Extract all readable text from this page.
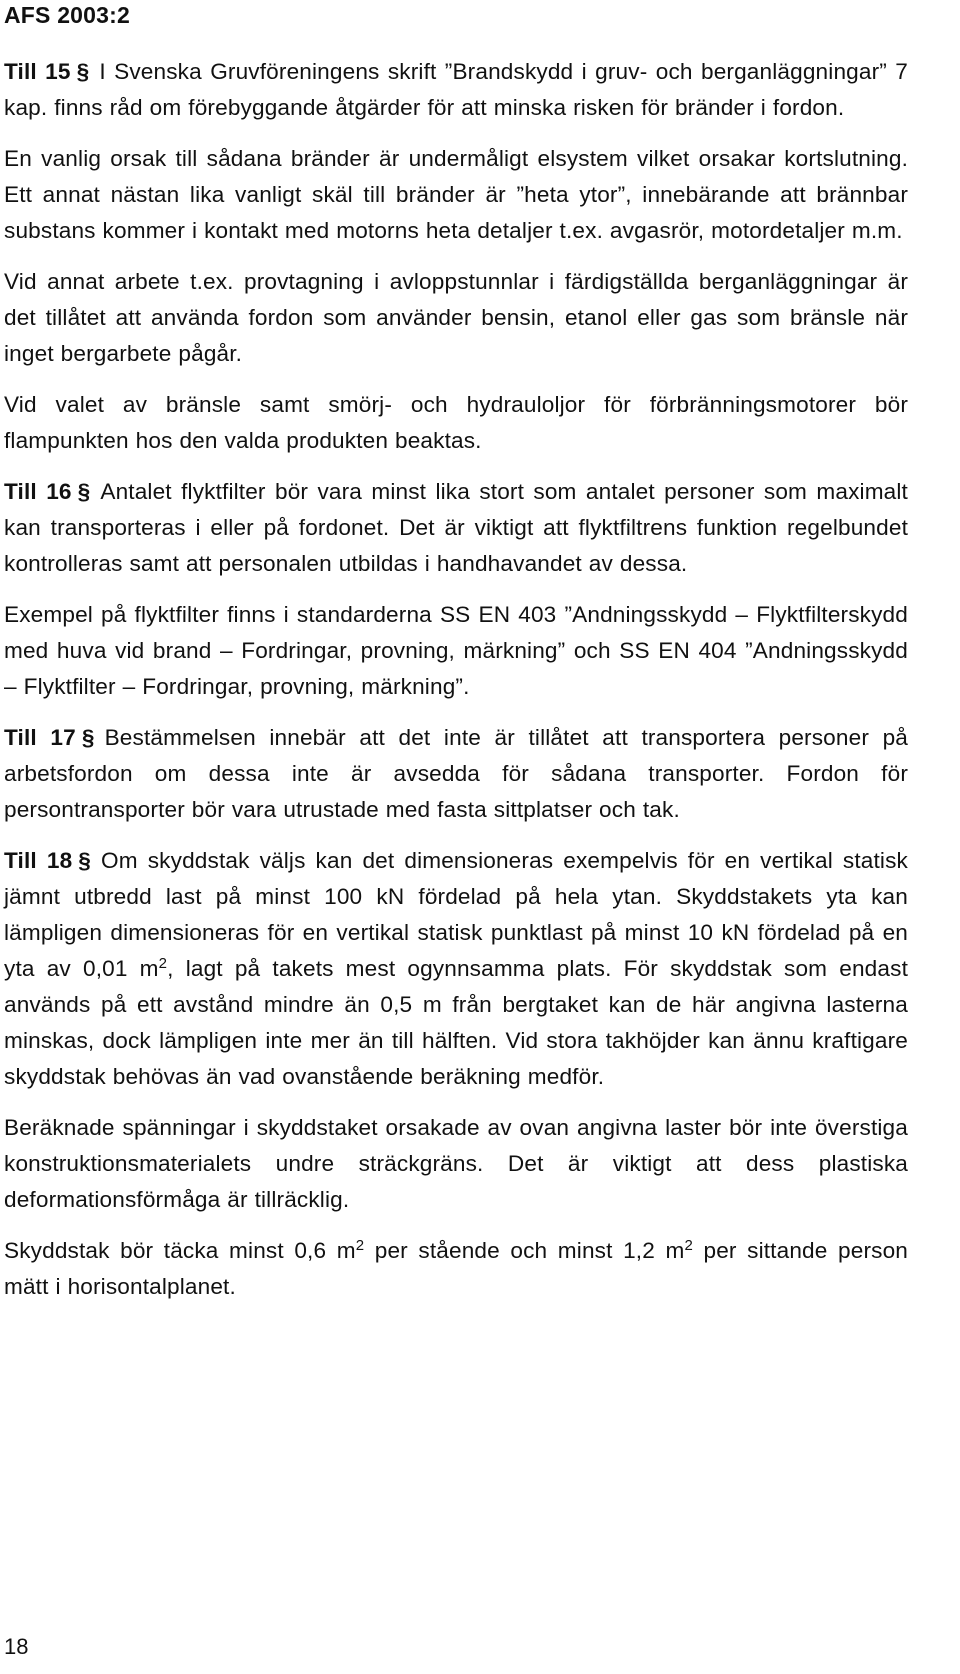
AFS 2003:2

Till 15 § I Svenska Gruvföreningens skrift ”Brandskydd i gruv- och berganläggningar” 7 kap. finns råd om förebyggande åtgärder för att minska risken för bränder i fordon.

En vanlig orsak till sådana bränder är undermåligt elsystem vilket orsakar kortslutning. Ett annat nästan lika vanligt skäl till bränder är ”heta ytor”, innebärande att brännbar substans kommer i kontakt med motorns heta detaljer t.ex. avgasrör, motordetaljer m.m.

Vid annat arbete t.ex. provtagning i avloppstunnlar i färdigställda berganläggningar är det tillåtet att använda fordon som använder bensin, etanol eller gas som bränsle när inget bergarbete pågår.

Vid valet av bränsle samt smörj- och hydrauloljor för förbränningsmotorer bör flampunkten hos den valda produkten beaktas.

Till 16 § Antalet flyktfilter bör vara minst lika stort som antalet personer som maximalt kan transporteras i eller på fordonet. Det är viktigt att flyktfiltrens funktion regelbundet kontrolleras samt att personalen utbildas i handhavandet av dessa.

Exempel på flyktfilter finns i standarderna SS EN 403 ”Andningsskydd – Flyktfilterskydd med huva vid brand – Fordringar, provning, märkning” och SS EN 404 ”Andningsskydd – Flyktfilter – Fordringar, provning, märkning”.

Till 17 § Bestämmelsen innebär att det inte är tillåtet att transportera personer på arbetsfordon om dessa inte är avsedda för sådana transporter. Fordon för persontransporter bör vara utrustade med fasta sittplatser och tak.

Till 18 § Om skyddstak väljs kan det dimensioneras exempelvis för en vertikal statisk jämnt utbredd last på minst 100 kN fördelad på hela ytan. Skyddstakets yta kan lämpligen dimensioneras för en vertikal statisk punktlast på minst 10 kN fördelad på en yta av 0,01 $m^2$, lagt på takets mest ogynnsamma plats. För skyddstak som endast används på ett avstånd mindre än 0,5 m från bergtaket kan de här angivna lasterna minskas, dock lämpligen inte mer än till hälften. Vid stora takhöjder kan ännu kraftigare skyddstak behövas än vad ovanstående beräkning medför.

Beräknade spänningar i skyddstaket orsakade av ovan angivna laster bör inte överstiga konstruktionsmaterialets undre sträckgräns. Det är viktigt att dess plastiska deformationsförmåga är tillräcklig.

Skyddstak bör täcka minst 0,6 $m^2$ per stående och minst 1,2 $m^2$ per sittande person mätt i horisontalplanet.

18
